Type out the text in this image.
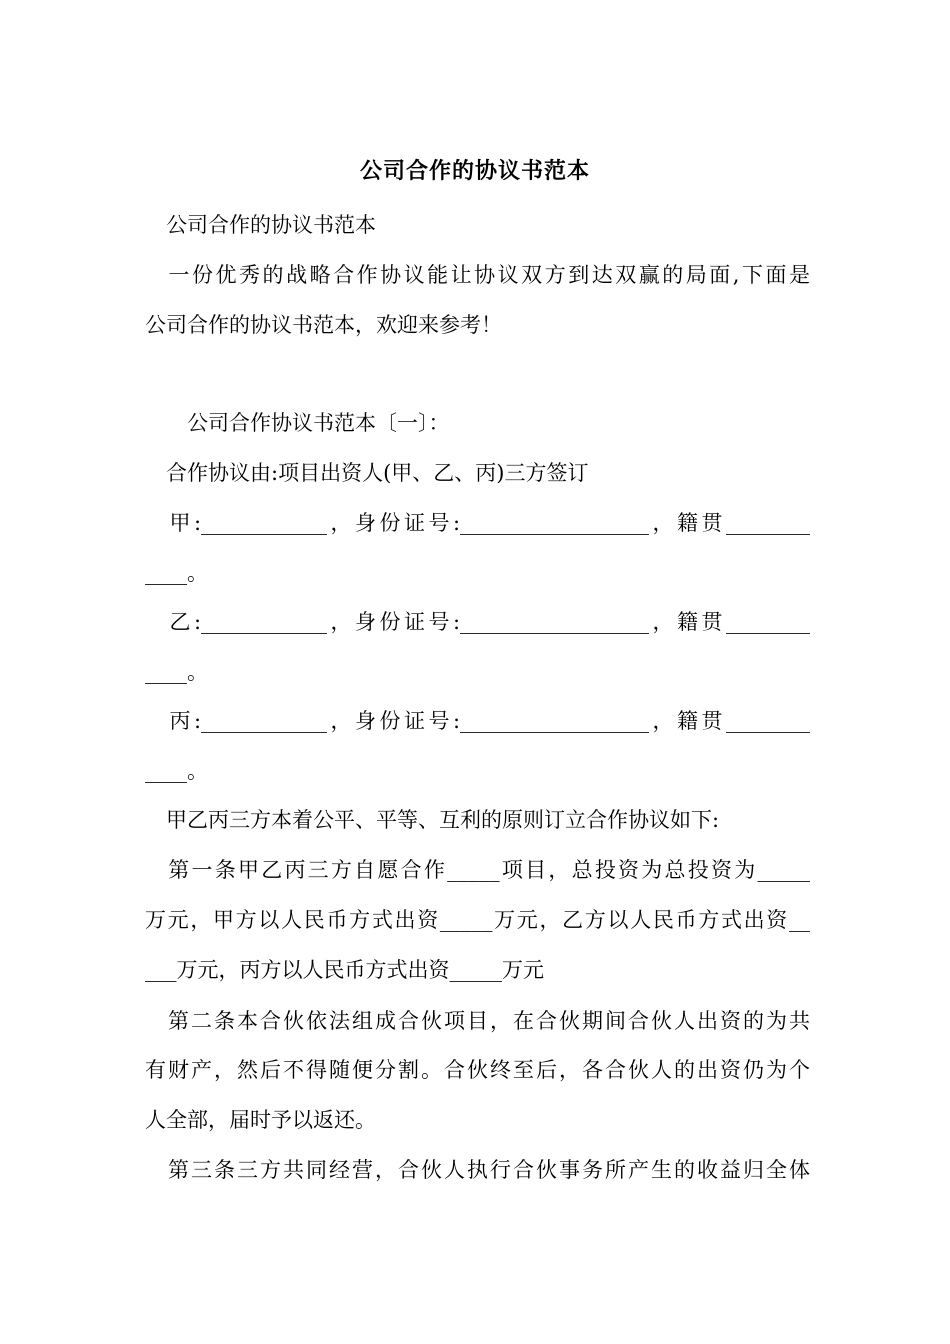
公司合作的协议书范本
　公司合作的协议书范本
　一份优秀的战略合作协议能让协议双方到达双赢的局面,下面是
公司合作的协议书范本，欢迎来参考！
　　公司合作协议书范本〔一〕：
　合作协议由:项目出资人(甲、乙、丙)三方签订
　甲:____________，身份证号:__________________，籍贯________
____。
　乙:____________，身份证号:__________________，籍贯________
____。
　丙:____________，身份证号:__________________，籍贯________
____。
　甲乙丙三方本着公平、平等、互利的原则订立合作协议如下:
　第一条甲乙丙三方自愿合作_____项目，总投资为总投资为_____
万元，甲方以人民币方式出资_____万元，乙方以人民币方式出资__
___万元，丙方以人民币方式出资_____万元
　第二条本合伙依法组成合伙项目，在合伙期间合伙人出资的为共
有财产，然后不得随便分割。合伙终至后，各合伙人的出资仍为个
人全部，届时予以返还。
　第三条三方共同经营，合伙人执行合伙事务所产生的收益归全体
